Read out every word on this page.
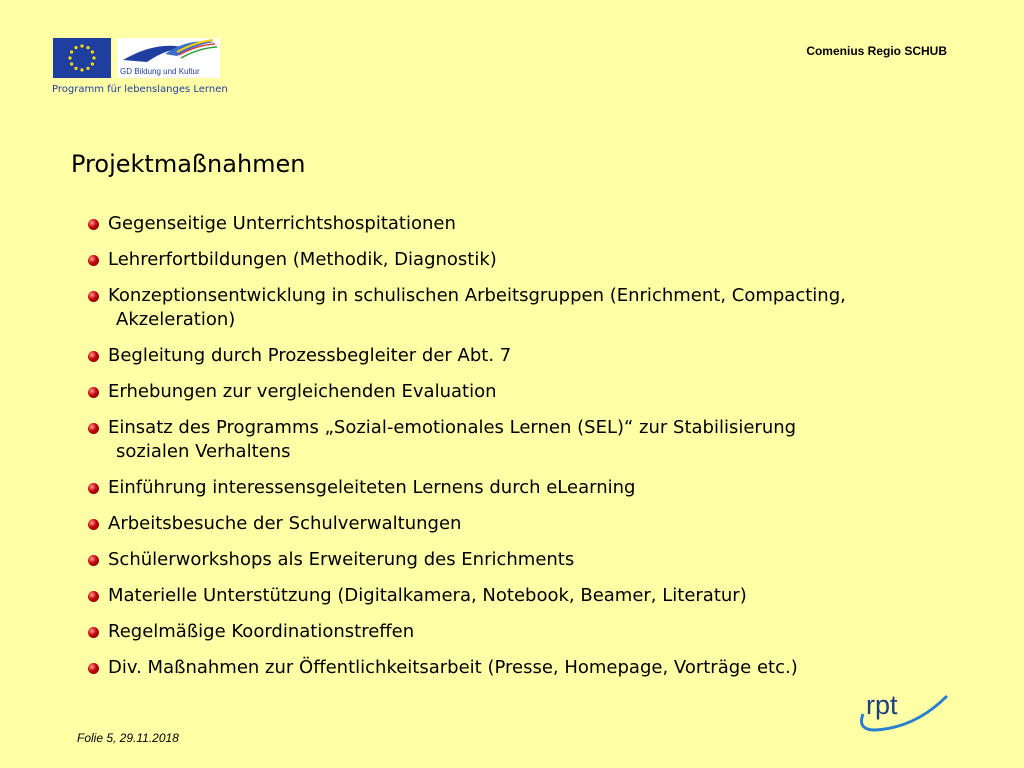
GD Bildung und Kultur
Programm für lebenslanges Lernen
Comenius Regio SCHUB
Projektmaßnahmen
Gegenseitige Unterrichtshospitationen
Lehrerfortbildungen (Methodik, Diagnostik)
Konzeptionsentwicklung in schulischen Arbeitsgruppen (Enrichment, Compacting,
Akzeleration)
Begleitung durch Prozessbegleiter der Abt. 7
Erhebungen zur vergleichenden Evaluation
Einsatz des Programms „Sozial-emotionales Lernen (SEL)“ zur Stabilisierung
sozialen Verhaltens
Einführung interessensgeleiteten Lernens durch eLearning
Arbeitsbesuche der Schulverwaltungen
Schülerworkshops als Erweiterung des Enrichments
Materielle Unterstützung (Digitalkamera, Notebook, Beamer, Literatur)
Regelmäßige Koordinationstreffen
Div. Maßnahmen zur Öffentlichkeitsarbeit (Presse, Homepage, Vorträge etc.)
Folie 5, 29.11.2018
rpt
